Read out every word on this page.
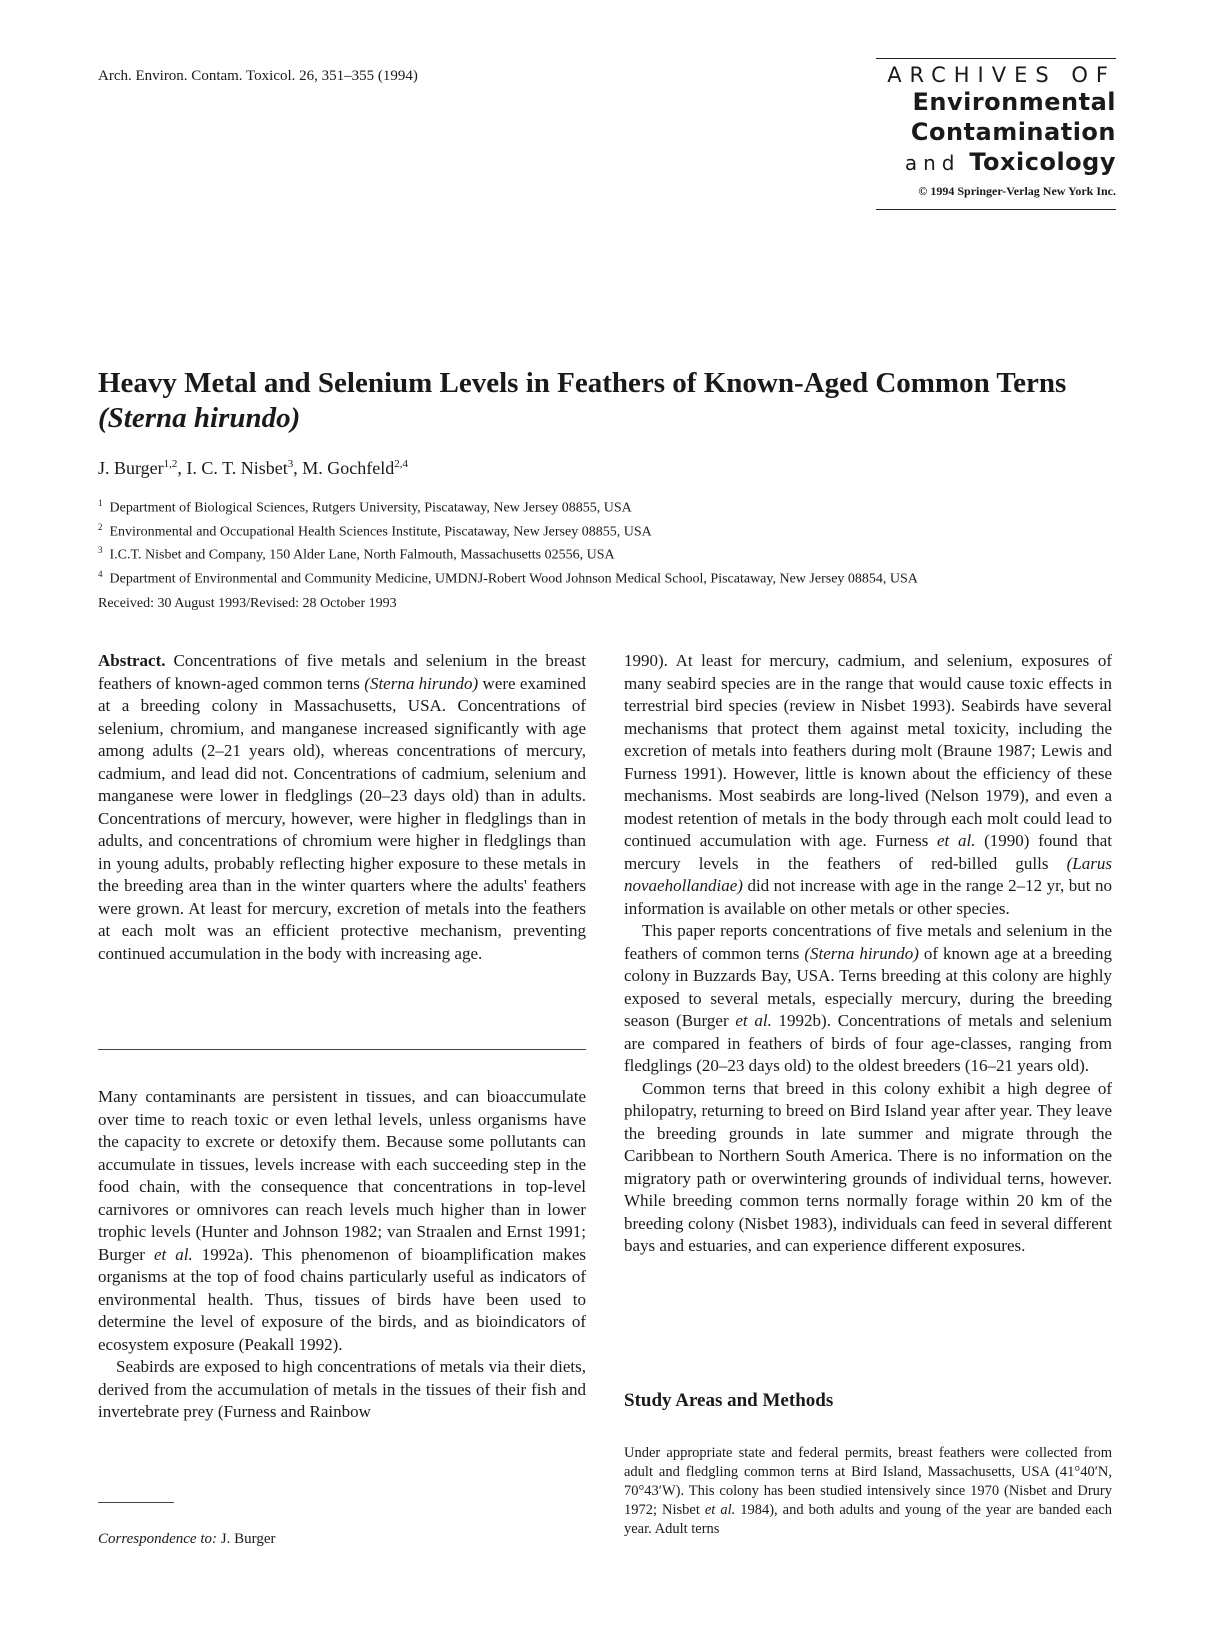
Arch. Environ. Contam. Toxicol. 26, 351–355 (1994)	ARCHIVES OF
Environmental
Contamination
and Toxicology
© 1994 Springer-Verlag New York Inc.
Heavy Metal and Selenium Levels in Feathers of Known-Aged Common Terns
(Sterna hirundo)
J. Burger$^{1,2}$, I. C. T. Nisbet$^3$, M. Gochfeld$^{2,4}$
$^1$ Department of Biological Sciences, Rutgers University, Piscataway, New Jersey 08855, USA
$^2$ Environmental and Occupational Health Sciences Institute, Piscataway, New Jersey 08855, USA
$^3$ I.C.T. Nisbet and Company, 150 Alder Lane, North Falmouth, Massachusetts 02556, USA
$^4$ Department of Environmental and Community Medicine, UMDNJ-Robert Wood Johnson Medical School, Piscataway, New Jersey 08854, USA
Received: 30 August 1993/Revised: 28 October 1993

Abstract. Concentrations of five metals and selenium in the breast feathers of known-aged common terns (Sterna hirundo) were examined at a breeding colony in Massachusetts, USA. Concentrations of selenium, chromium, and manganese increased significantly with age among adults (2–21 years old), whereas concentrations of mercury, cadmium, and lead did not. Concentrations of cadmium, selenium and manganese were lower in fledglings (20–23 days old) than in adults. Concentrations of mercury, however, were higher in fledglings than in adults, and concentrations of chromium were higher in fledglings than in young adults, probably reflecting higher exposure to these metals in the breeding area than in the winter quarters where the adults' feathers were grown. At least for mercury, excretion of metals into the feathers at each molt was an efficient protective mechanism, preventing continued accumulation in the body with increasing age.

Many contaminants are persistent in tissues, and can bioaccumulate over time to reach toxic or even lethal levels, unless organisms have the capacity to excrete or detoxify them. Because some pollutants can accumulate in tissues, levels increase with each succeeding step in the food chain, with the consequence that concentrations in top-level carnivores or omnivores can reach levels much higher than in lower trophic levels (Hunter and Johnson 1982; van Straalen and Ernst 1991; Burger et al. 1992a). This phenomenon of bioamplification makes organisms at the top of food chains particularly useful as indicators of environmental health. Thus, tissues of birds have been used to determine the level of exposure of the birds, and as bioindicators of ecosystem exposure (Peakall 1992).

Seabirds are exposed to high concentrations of metals via their diets, derived from the accumulation of metals in the tissues of their fish and invertebrate prey (Furness and Rainbow

Correspondence to: J. Burger

1990). At least for mercury, cadmium, and selenium, exposures of many seabird species are in the range that would cause toxic effects in terrestrial bird species (review in Nisbet 1993). Seabirds have several mechanisms that protect them against metal toxicity, including the excretion of metals into feathers during molt (Braune 1987; Lewis and Furness 1991). However, little is known about the efficiency of these mechanisms. Most seabirds are long-lived (Nelson 1979), and even a modest retention of metals in the body through each molt could lead to continued accumulation with age. Furness et al. (1990) found that mercury levels in the feathers of red-billed gulls (Larus novaehollandiae) did not increase with age in the range 2–12 yr, but no information is available on other metals or other species.

This paper reports concentrations of five metals and selenium in the feathers of common terns (Sterna hirundo) of known age at a breeding colony in Buzzards Bay, USA. Terns breeding at this colony are highly exposed to several metals, especially mercury, during the breeding season (Burger et al. 1992b). Concentrations of metals and selenium are compared in feathers of birds of four age-classes, ranging from fledglings (20–23 days old) to the oldest breeders (16–21 years old).

Common terns that breed in this colony exhibit a high degree of philopatry, returning to breed on Bird Island year after year. They leave the breeding grounds in late summer and migrate through the Caribbean to Northern South America. There is no information on the migratory path or overwintering grounds of individual terns, however. While breeding common terns normally forage within 20 km of the breeding colony (Nisbet 1983), individuals can feed in several different bays and estuaries, and can experience different exposures.

Study Areas and Methods

Under appropriate state and federal permits, breast feathers were collected from adult and fledgling common terns at Bird Island, Massachusetts, USA (41°40′N, 70°43′W). This colony has been studied intensively since 1970 (Nisbet and Drury 1972; Nisbet et al. 1984), and both adults and young of the year are banded each year. Adult terns
